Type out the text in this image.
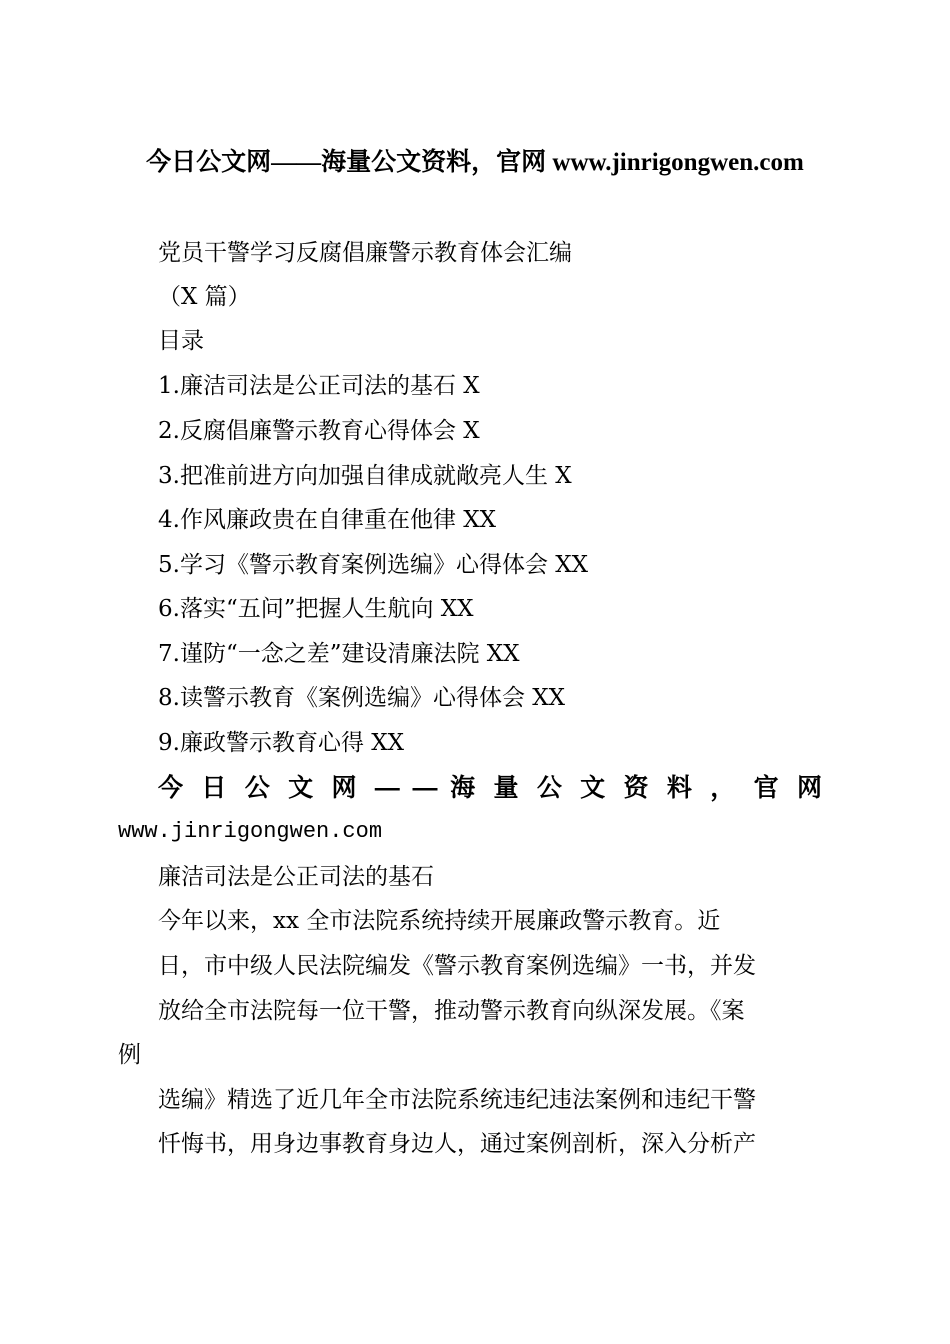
今日公文网——海量公文资料，官网 www.jinrigongwen.com
党员干警学习反腐倡廉警示教育体会汇编
（X 篇）
目录
1.廉洁司法是公正司法的基石 X
2.反腐倡廉警示教育心得体会 X
3.把准前进方向加强自律成就敞亮人生 X
4.作风廉政贵在自律重在他律 XX
5.学习《警示教育案例选编》心得体会 XX
6.落实“五问”把握人生航向 XX
7.谨防“一念之差”建设清廉法院 XX
8.读警示教育《案例选编》心得体会 XX
9.廉政警示教育心得 XX
今 日 公 文 网 — — 海 量 公 文 资 料 ， 官 网
www.jinrigongwen.com
廉洁司法是公正司法的基石
今年以来，xx 全市法院系统持续开展廉政警示教育。近
日，市中级人民法院编发《警示教育案例选编》一书，并发
放给全市法院每一位干警，推动警示教育向纵深发展。《案
例
选编》精选了近几年全市法院系统违纪违法案例和违纪干警
忏悔书，用身边事教育身边人，通过案例剖析，深入分析产
